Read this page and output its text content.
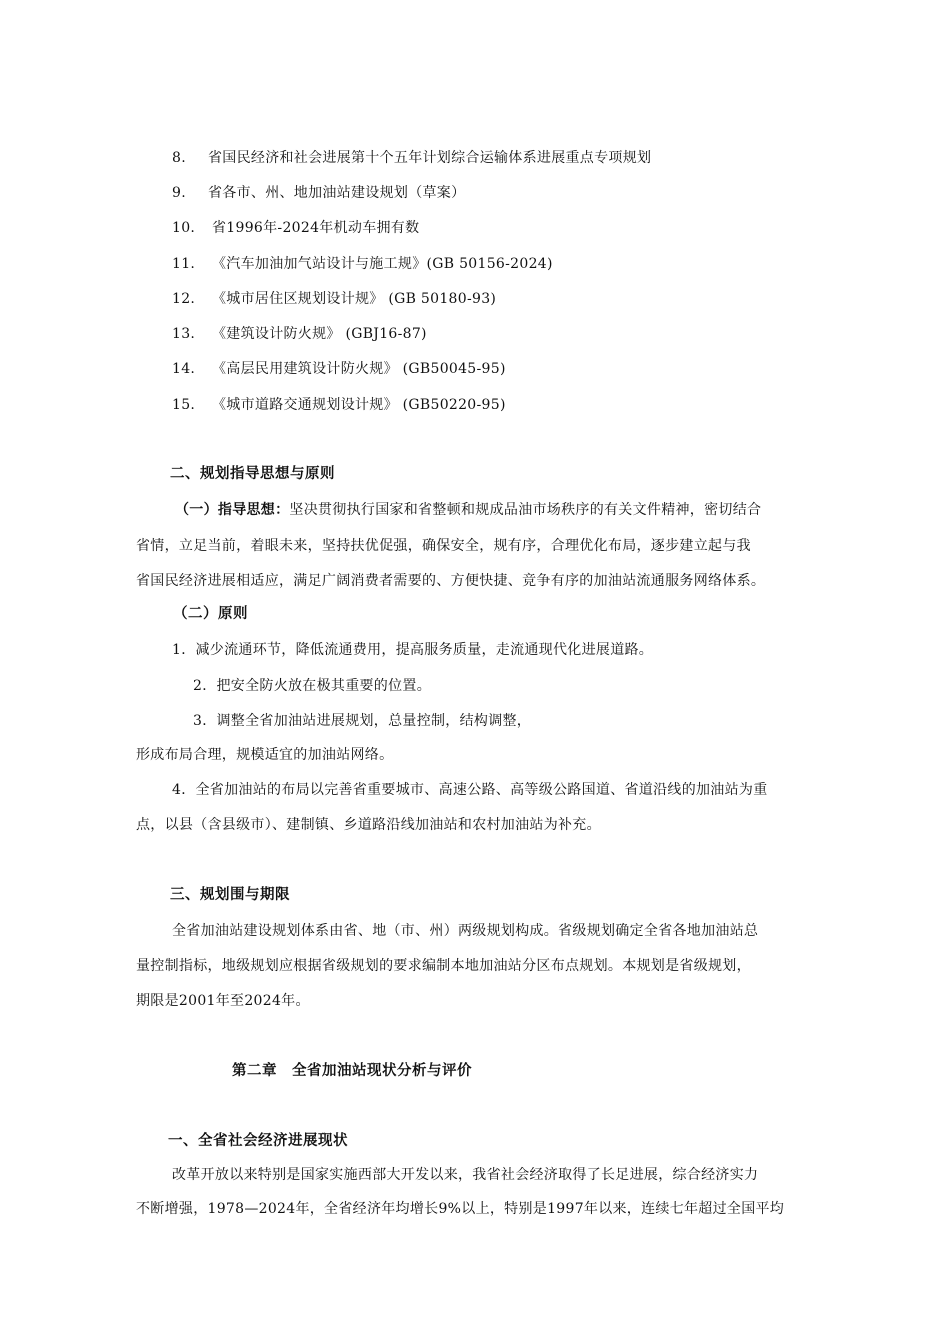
8. 省国民经济和社会进展第十个五年计划综合运输体系进展重点专项规划
9. 省各市、州、地加油站建设规划（草案）
10. 省1996年-2024年机动车拥有数
11. 《汽车加油加气站设计与施工规》(GB 50156-2024)
12. 《城市居住区规划设计规》 (GB 50180-93)
13. 《建筑设计防火规》 (GBJ16-87)
14. 《高层民用建筑设计防火规》 (GB50045-95)
15. 《城市道路交通规划设计规》 (GB50220-95)
二、规划指导思想与原则
（一）指导思想：坚决贯彻执行国家和省整顿和规成品油市场秩序的有关文件精神，密切结合
省情，立足当前，着眼未来，坚持扶优促强，确保安全，规有序，合理优化布局，逐步建立起与我
省国民经济进展相适应，满足广阔消费者需要的、方便快捷、竞争有序的加油站流通服务网络体系。
（二）原则
1．减少流通环节，降低流通费用，提高服务质量，走流通现代化进展道路。
2．把安全防火放在极其重要的位置。
3．调整全省加油站进展规划，总量控制，结构调整，
形成布局合理，规模适宜的加油站网络。
4．全省加油站的布局以完善省重要城市、高速公路、高等级公路国道、省道沿线的加油站为重
点，以县（含县级市）、建制镇、乡道路沿线加油站和农村加油站为补充。
三、规划围与期限
全省加油站建设规划体系由省、地（市、州）两级规划构成。省级规划确定全省各地加油站总
量控制指标，地级规划应根据省级规划的要求编制本地加油站分区布点规划。本规划是省级规划，
期限是2001年至2024年。
第二章　全省加油站现状分析与评价
一、全省社会经济进展现状
改革开放以来特别是国家实施西部大开发以来，我省社会经济取得了长足进展，综合经济实力
不断增强，1978—2024年，全省经济年均增长9%以上，特别是1997年以来，连续七年超过全国平均
